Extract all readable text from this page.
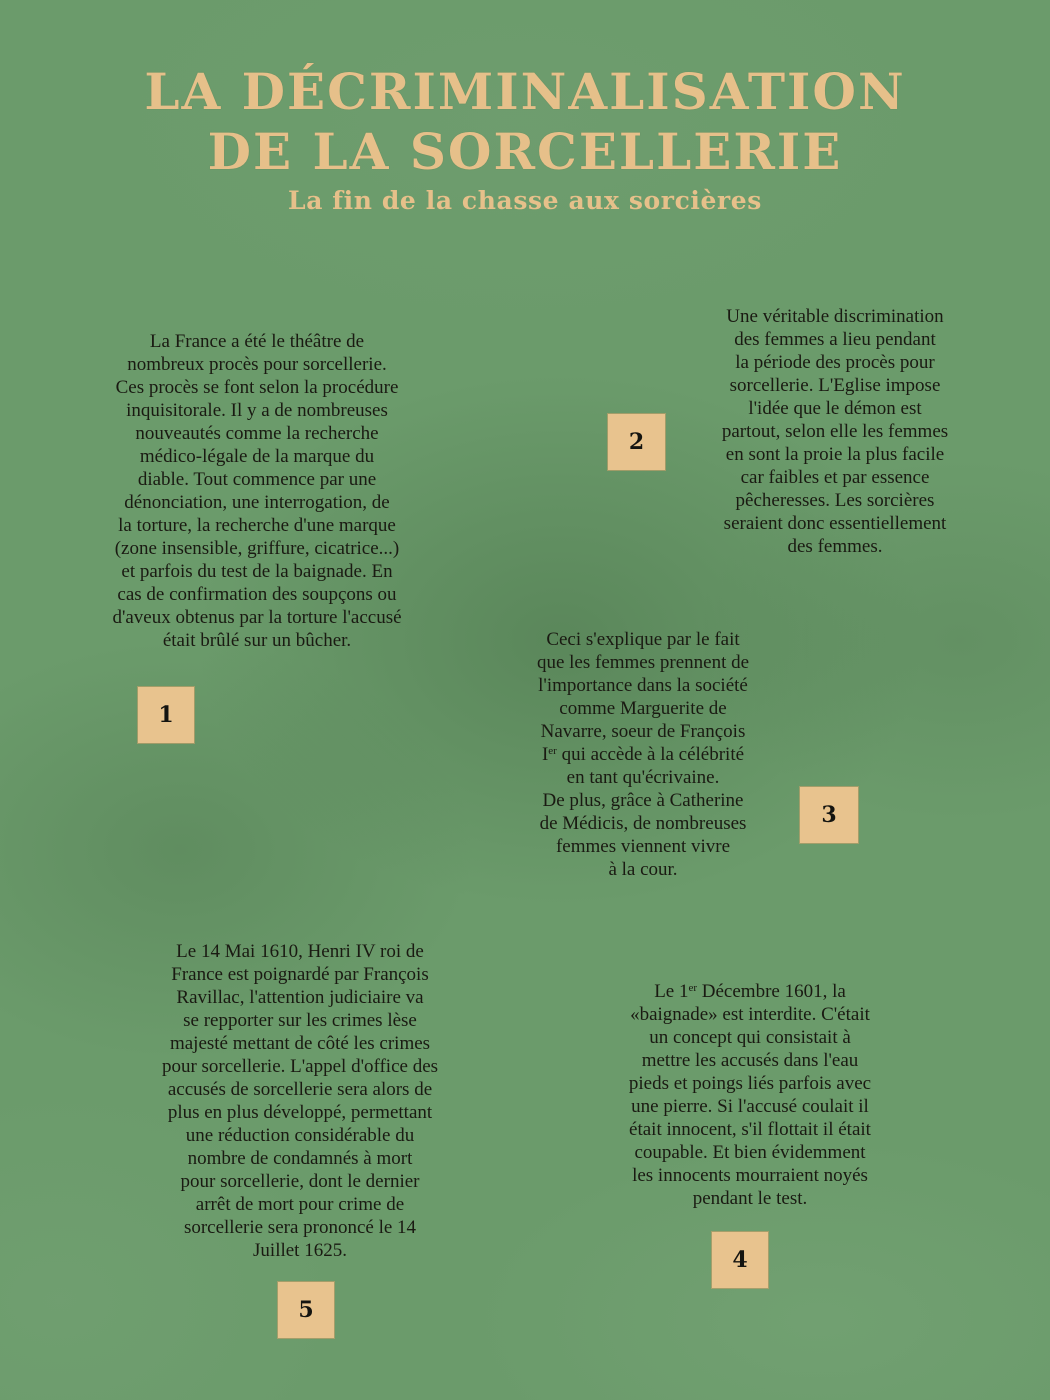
LA DÉCRIMINALISATION
DE LA SORCELLERIE
La fin de la chasse aux sorcières

La France a été le théâtre de
nombreux procès pour sorcellerie.
Ces procès se font selon la procédure
inquisitorale. Il y a de nombreuses
nouveautés comme la recherche
médico-légale de la marque du
diable. Tout commence par une
dénonciation, une interrogation, de
la torture, la recherche d'une marque
(zone insensible, griffure, cicatrice...)
et parfois du test de la baignade. En
cas de confirmation des soupçons ou
d'aveux obtenus par la torture l'accusé
était brûlé sur un bûcher.

1

Une véritable discrimination
des femmes a lieu pendant
la période des procès pour
sorcellerie. L'Eglise impose
l'idée que le démon est
partout, selon elle les femmes
en sont la proie la plus facile
car faibles et par essence
pêcheresses. Les sorcières
seraient donc essentiellement
des femmes.

2

Ceci s'explique par le fait
que les femmes prennent de
l'importance dans la société
comme Marguerite de
Navarre, soeur de François
Ier qui accède à la célébrité
en tant qu'écrivaine.
De plus, grâce à Catherine
de Médicis, de nombreuses
femmes viennent vivre
à la cour.

3

Le 1er Décembre 1601, la
«baignade» est interdite. C'était
un concept qui consistait à
mettre les accusés dans l'eau
pieds et poings liés parfois avec
une pierre. Si l'accusé coulait il
était innocent, s'il flottait il était
coupable. Et bien évidemment
les innocents mourraient noyés
pendant le test.

4

Le 14 Mai 1610, Henri IV roi de
France est poignardé par François
Ravillac, l'attention judiciaire va
se repporter sur les crimes lèse
majesté mettant de côté les crimes
pour sorcellerie. L'appel d'office des
accusés de sorcellerie sera alors de
plus en plus développé, permettant
une réduction considérable du
nombre de condamnés à mort
pour sorcellerie, dont le dernier
arrêt de mort pour crime de
sorcellerie sera prononcé le 14
Juillet 1625.

5
